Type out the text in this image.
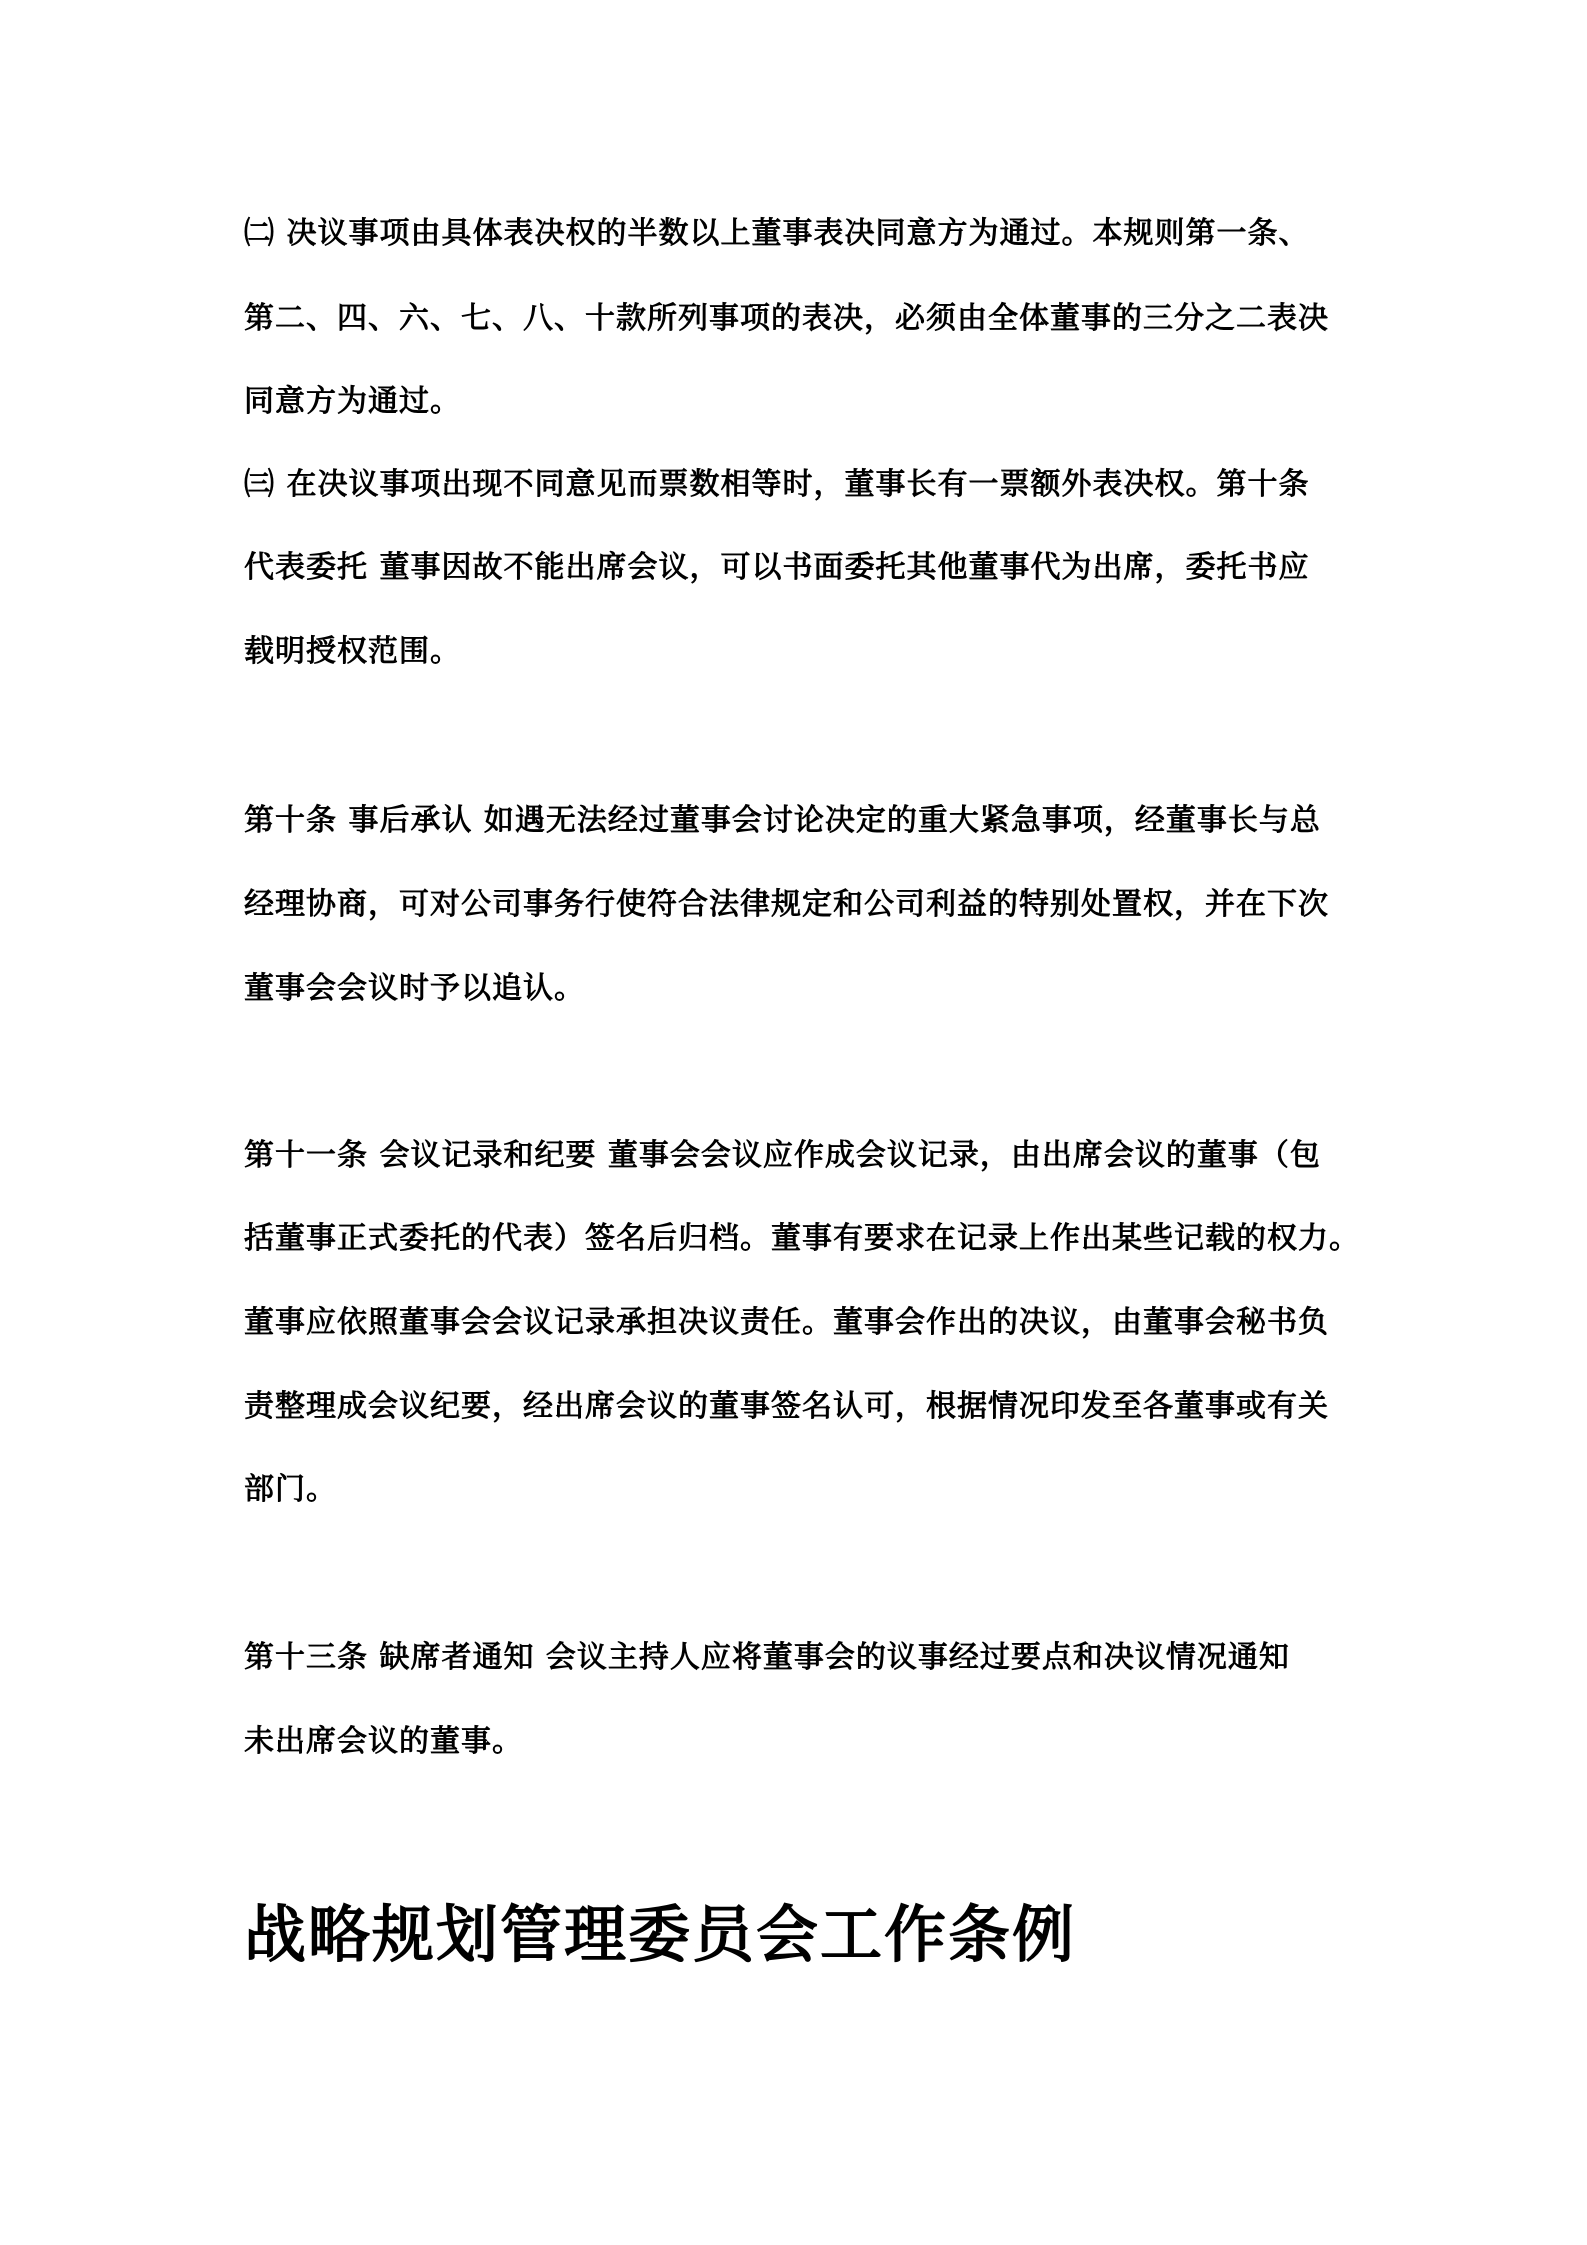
㈡ 决议事项由具体表决权的半数以上董事表决同意方为通过。本规则第一条、
第二、四、六、七、八、十款所列事项的表决，必须由全体董事的三分之二表决
同意方为通过。
㈢ 在决议事项出现不同意见而票数相等时，董事长有一票额外表决权。第十条
代表委托 董事因故不能出席会议，可以书面委托其他董事代为出席，委托书应
载明授权范围。
第十条 事后承认 如遇无法经过董事会讨论决定的重大紧急事项，经董事长与总
经理协商，可对公司事务行使符合法律规定和公司利益的特别处置权，并在下次
董事会会议时予以追认。
第十一条 会议记录和纪要 董事会会议应作成会议记录，由出席会议的董事（包
括董事正式委托的代表）签名后归档。董事有要求在记录上作出某些记载的权力。
董事应依照董事会会议记录承担决议责任。董事会作出的决议，由董事会秘书负
责整理成会议纪要，经出席会议的董事签名认可，根据情况印发至各董事或有关
部门。
第十三条 缺席者通知 会议主持人应将董事会的议事经过要点和决议情况通知
未出席会议的董事。
战略规划管理委员会工作条例
